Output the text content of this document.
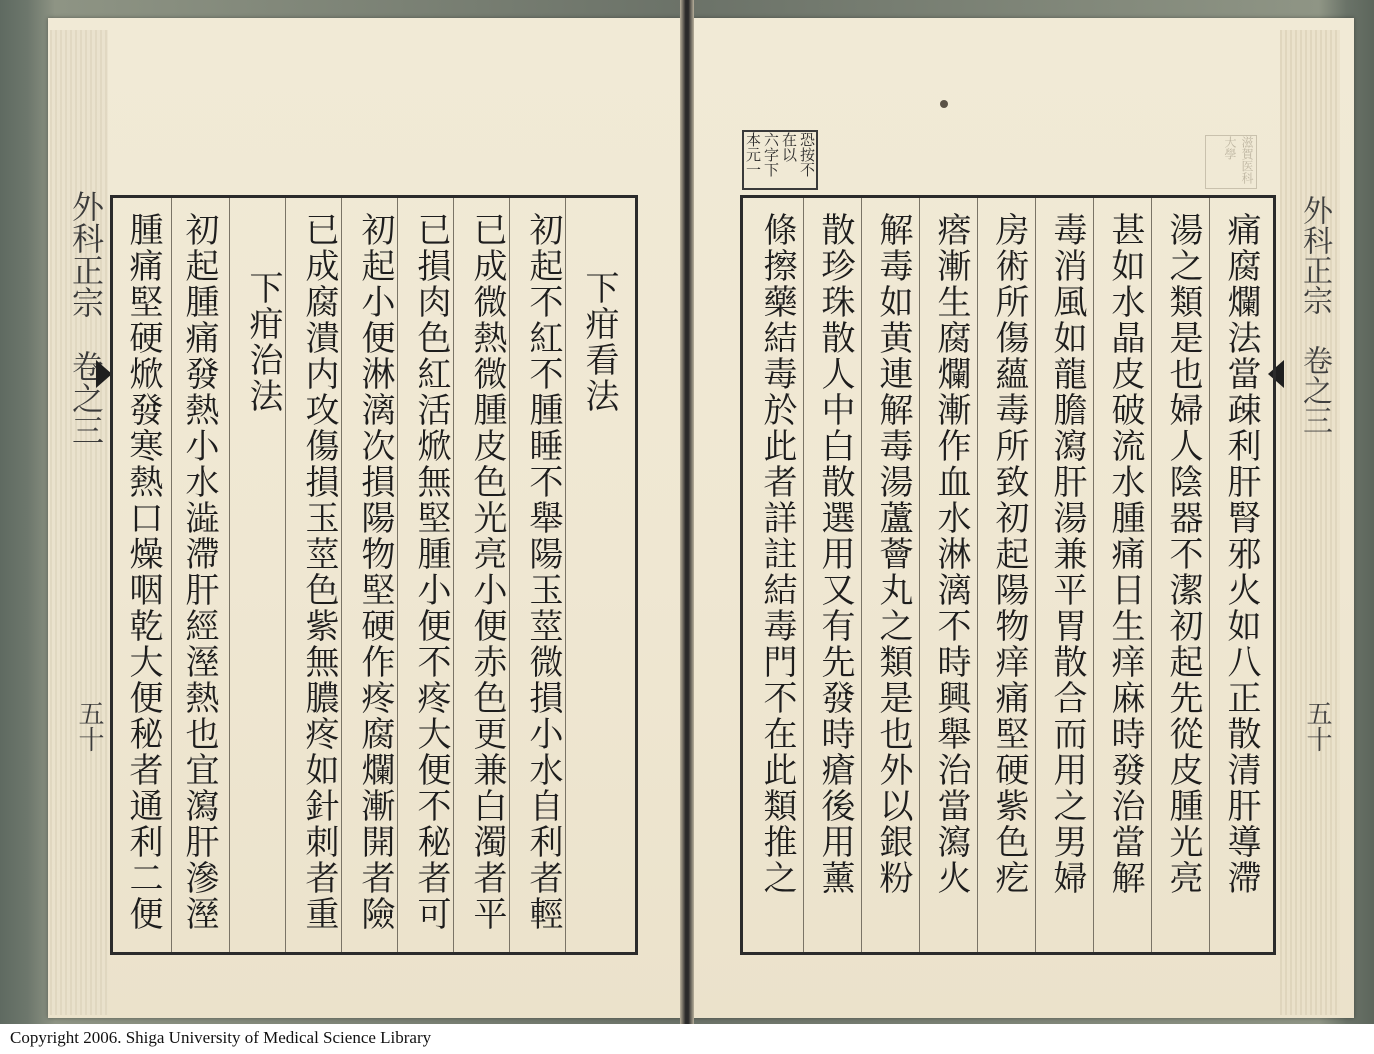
外科正宗　卷之三
五十
外科正宗　卷之三
五十
恐按不
在以
六字下
本元一	滋賀医科大學
下疳看法
初起不紅不腫睡不舉陽玉莖微損小水自利者輕
已成微熱微腫皮色光亮小便赤色更兼白濁者平
已損肉色紅活焮無堅腫小便不疼大便不秘者可
初起小便淋漓次損陽物堅硬作疼腐爛漸開者險
已成腐潰内攻傷損玉莖色紫無膿疼如針刺者重
下疳治法
初起腫痛發熱小水澁滯肝經溼熱也宜瀉肝滲溼
腫痛堅硬焮發寒熱口燥咽乾大便秘者通利二便	痛腐爛法當疎利肝腎邪火如八正散清肝導滯
湯之類是也婦人陰器不潔初起先從皮腫光亮
甚如水晶皮破流水腫痛日生痒麻時發治當解
毒消風如龍膽瀉肝湯兼平胃散合而用之男婦
房術所傷蘊毒所致初起陽物痒痛堅硬紫色疙
瘩漸生腐爛漸作血水淋漓不時興舉治當瀉火
解毒如黄連解毒湯蘆薈丸之類是也外以銀粉
散珍珠散人中白散選用又有先發時瘡後用薰
條擦藥結毒於此者詳註結毒門不在此類推之
Copyright 2006. Shiga University of Medical Science Library
